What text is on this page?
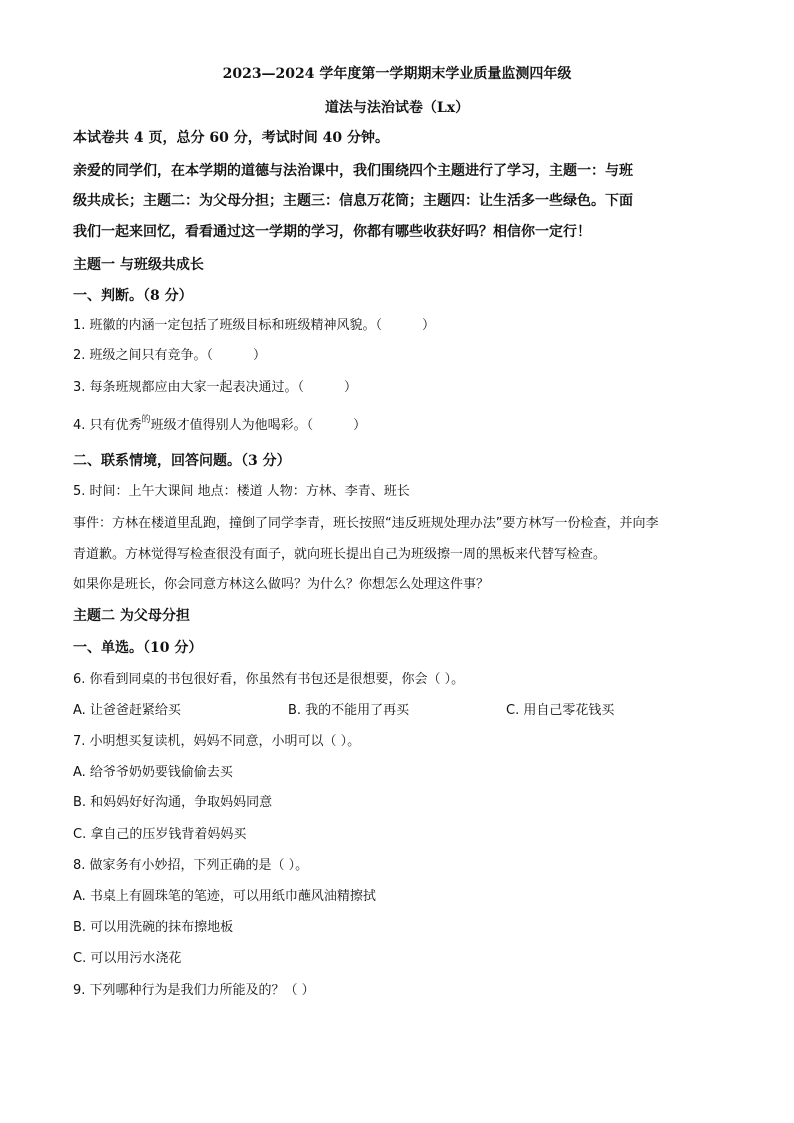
2023—2024 学年度第一学期期末学业质量监测四年级
道法与法治试卷（Lx）
本试卷共 4 页，总分 60 分，考试时间 40 分钟。
亲爱的同学们，在本学期的道德与法治课中，我们围绕四个主题进行了学习，主题一：与班
级共成长；主题二：为父母分担；主题三：信息万花筒；主题四：让生活多一些绿色。下面
我们一起来回忆，看看通过这一学期的学习，你都有哪些收获好吗？相信你一定行！
主题一 与班级共成长
一、判断。（8 分）
1. 班徽的内涵一定包括了班级目标和班级精神风貌。（	）
2. 班级之间只有竞争。（	）
3. 每条班规都应由大家一起表决通过。（	）
4. 只有优秀$^的$班级才值得别人为他喝彩。（	）
二、联系情境，回答问题。（3 分）
5. 时间：上午大课间 地点：楼道 人物：方林、李青、班长
事件：方林在楼道里乱跑，撞倒了同学李青，班长按照“违反班规处理办法”要方林写一份检查，并向李
青道歉。方林觉得写检查很没有面子，就向班长提出自己为班级擦一周的黑板来代替写检查。
如果你是班长，你会同意方林这么做吗？为什么？你想怎么处理这件事？
主题二 为父母分担
一、单选。（10 分）
6. 你看到同桌的书包很好看，你虽然有书包还是很想要，你会（ ）。
A. 让爸爸赶紧给买	B. 我的不能用了再买	C. 用自己零花钱买
7. 小明想买复读机，妈妈不同意，小明可以（ ）。
A. 给爷爷奶奶要钱偷偷去买
B. 和妈妈好好沟通，争取妈妈同意
C. 拿自己的压岁钱背着妈妈买
8. 做家务有小妙招，下列正确的是（ ）。
A. 书桌上有圆珠笔的笔迹，可以用纸巾蘸风油精擦拭
B. 可以用洗碗的抹布擦地板
C. 可以用污水浇花
9. 下列哪种行为是我们力所能及的？（ ）
